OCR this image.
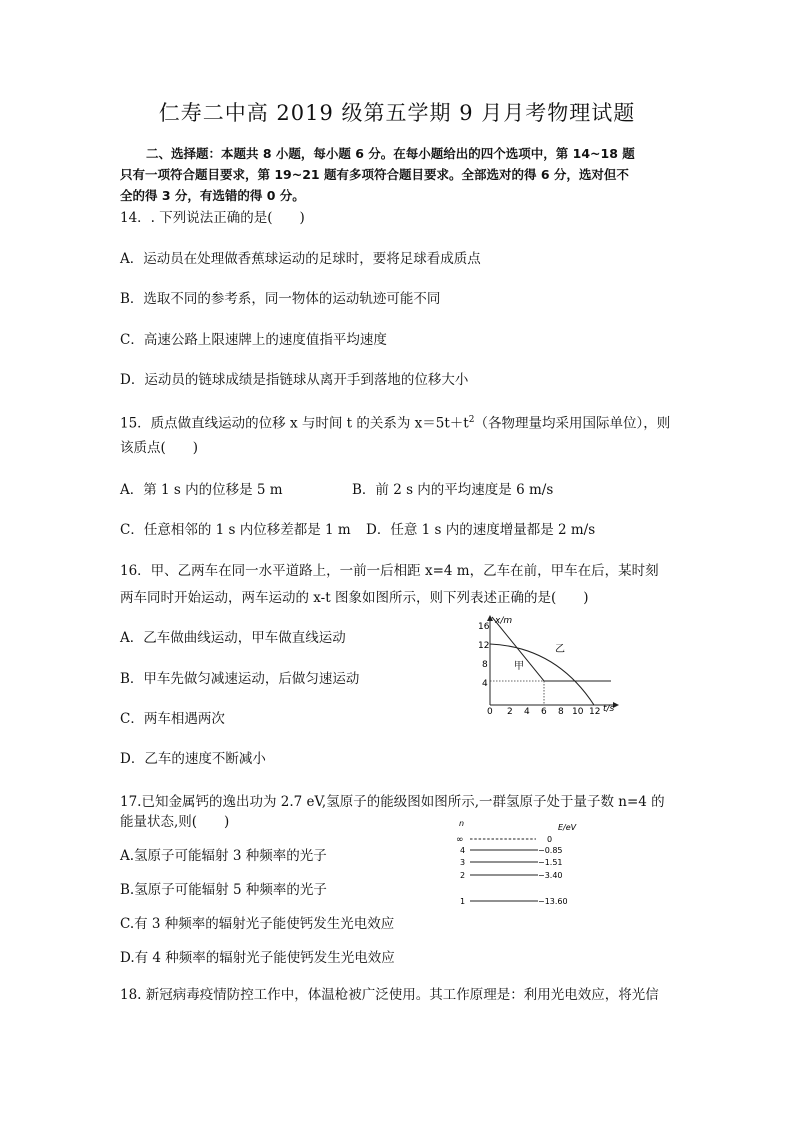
仁寿二中高 2019 级第五学期 9 月月考物理试题
二、选择题：本题共 8 小题，每小题 6 分。在每小题给出的四个选项中，第 14~18 题
只有一项符合题目要求，第 19~21 题有多项符合题目要求。全部选对的得 6 分，选对但不
全的得 3 分，有选错的得 0 分。
14．. 下列说法正确的是(　　)
A．运动员在处理做香蕉球运动的足球时，要将足球看成质点
B．选取不同的参考系，同一物体的运动轨迹可能不同
C．高速公路上限速牌上的速度值指平均速度
D．运动员的链球成绩是指链球从离开手到落地的位移大小
15．质点做直线运动的位移 x 与时间 t 的关系为 $x=5t+t^2$（各物理量均采用国际单位），则
该质点(　　)
A．第 1 s 内的位移是 5 m	B．前 2 s 内的平均速度是 6 m/s
C．任意相邻的 1 s 内位移差都是 1 m D．任意 1 s 内的速度增量都是 2 m/s
16．甲、乙两车在同一水平道路上，一前一后相距 x=4 m，乙车在前，甲车在后，某时刻
两车同时开始运动，两车运动的 x-t 图象如图所示，则下列表述正确的是(　　)
A．乙车做曲线运动，甲车做直线运动
B．甲车先做匀减速运动，后做匀速运动
C．两车相遇两次
D．乙车的速度不断减小
x/m
t/s
16
12
8
4
0 2 4 6 8 10 12
甲
乙
17.已知金属钙的逸出功为 2.7 eV,氢原子的能级图如图所示,一群氢原子处于量子数 n=4 的
能量状态,则(　　)
A.氢原子可能辐射 3 种频率的光子
B.氢原子可能辐射 5 种频率的光子
C.有 3 种频率的辐射光子能使钙发生光电效应
D.有 4 种频率的辐射光子能使钙发生光电效应
n	E/eV
∞	0
4	−0.85
3	−1.51
2	−3.40
1	−13.60
18. 新冠病毒疫情防控工作中，体温枪被广泛使用。其工作原理是：利用光电效应，将光信
